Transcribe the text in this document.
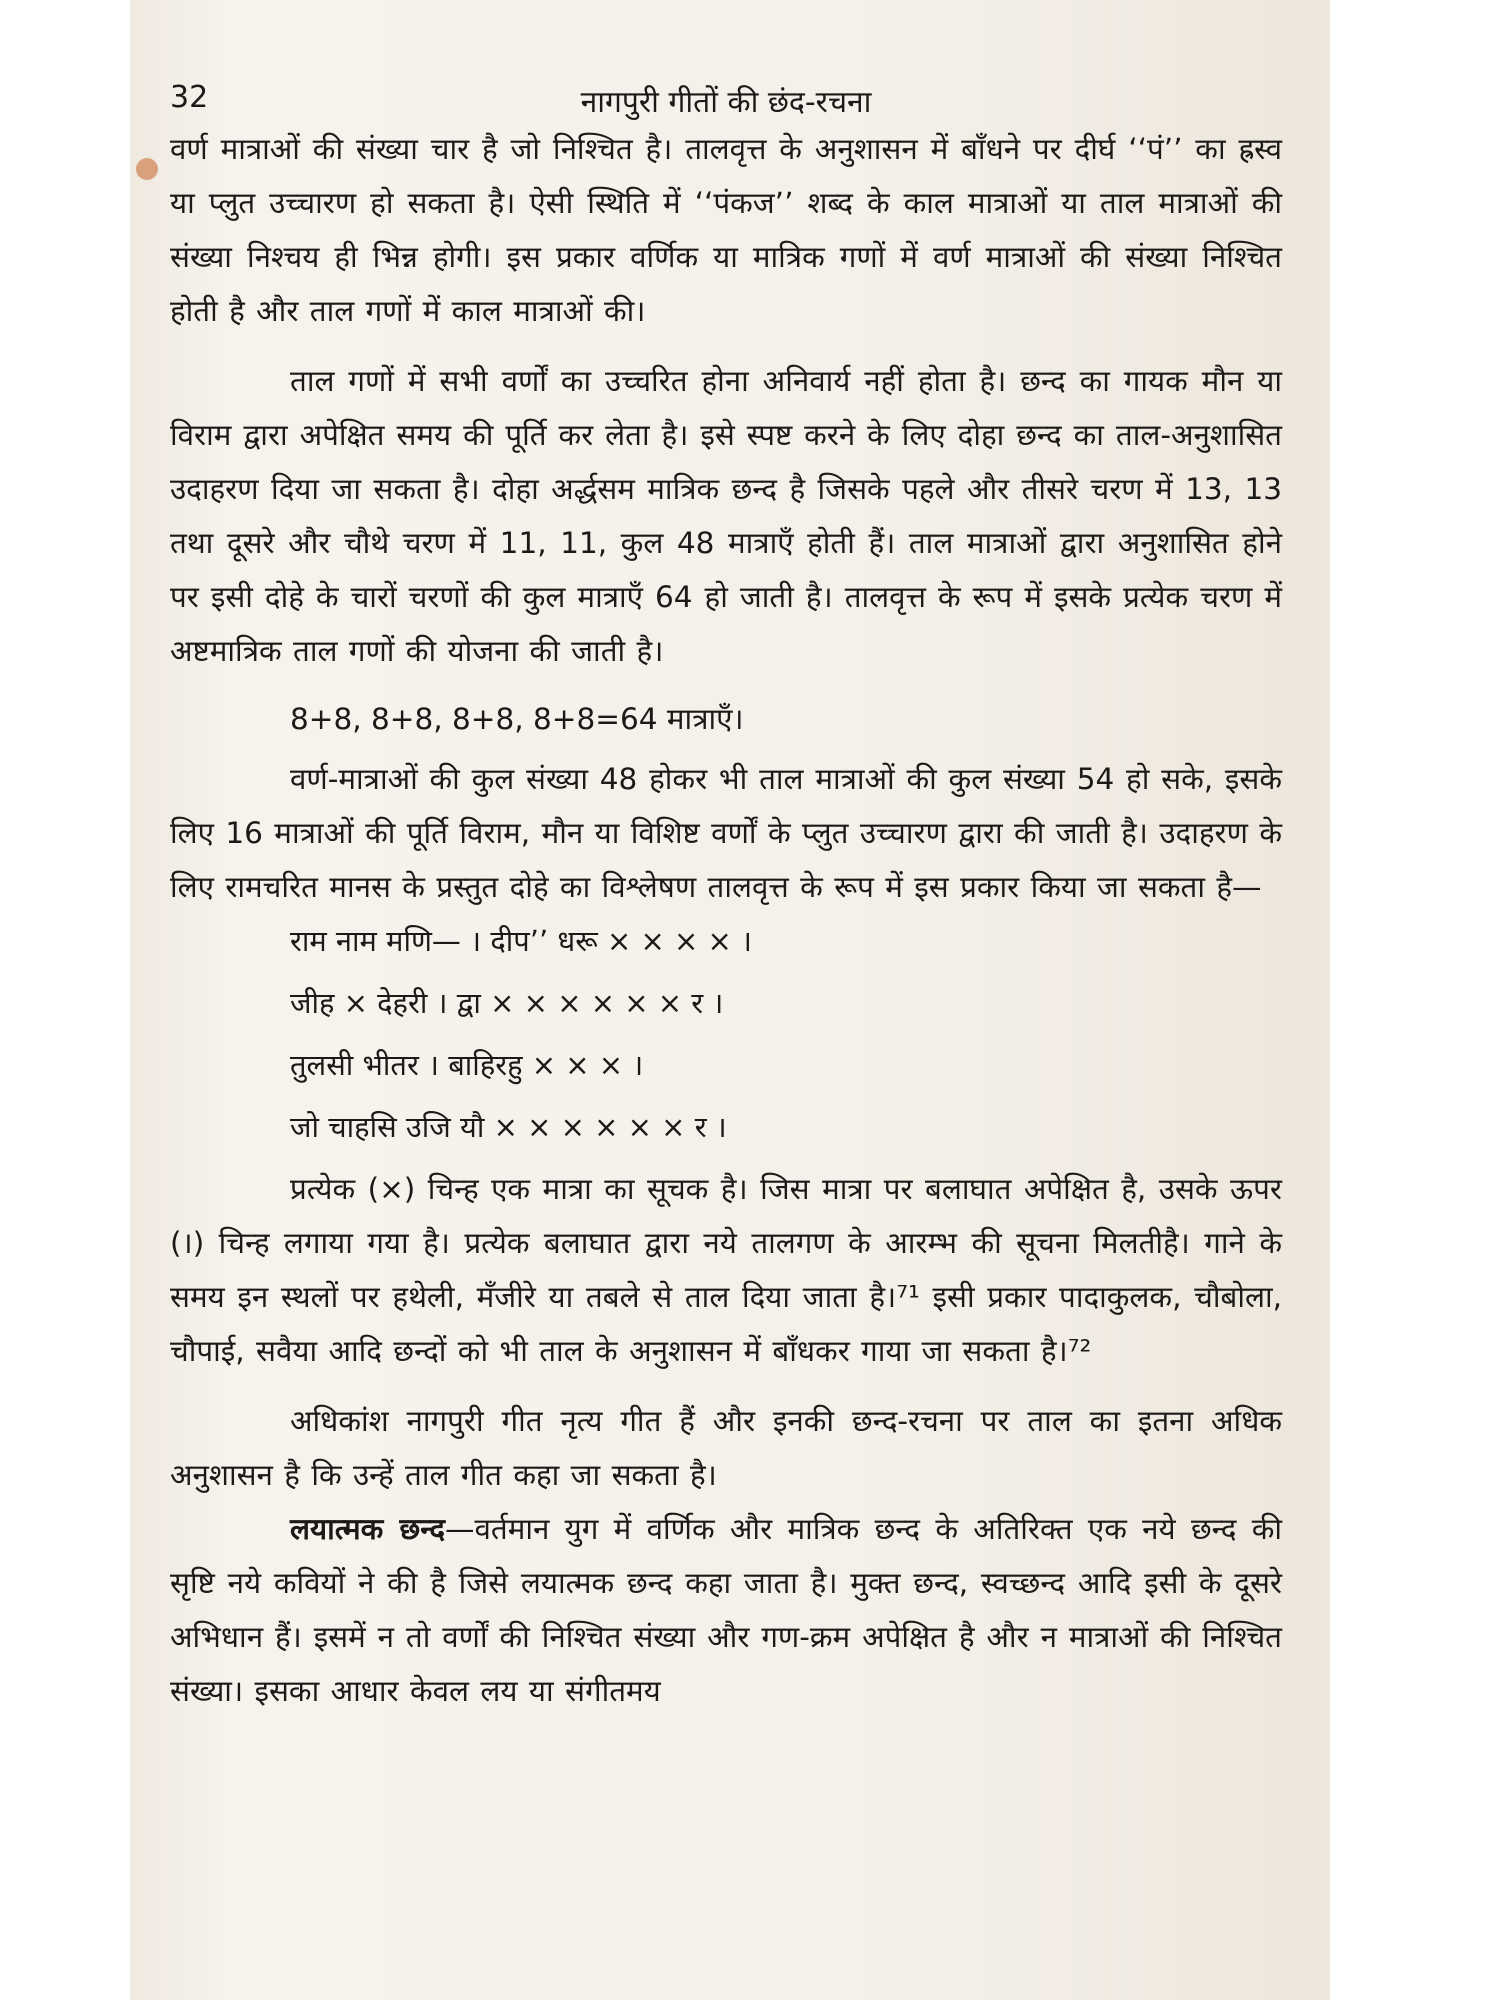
32	नागपुरी गीतों की छंद-रचना

वर्ण मात्राओं की संख्या चार है जो निश्चित है। तालवृत्त के अनुशासन में बाँधने पर दीर्घ ‘‘पं’’ का ह्रस्व या प्लुत उच्चारण हो सकता है। ऐसी स्थिति में ‘‘पंकज’’ शब्द के काल मात्राओं या ताल मात्राओं की संख्या निश्चय ही भिन्न होगी। इस प्रकार वर्णिक या मात्रिक गणों में वर्ण मात्राओं की संख्या निश्चित होती है और ताल गणों में काल मात्राओं की।

ताल गणों में सभी वर्णों का उच्चरित होना अनिवार्य नहीं होता है। छन्द का गायक मौन या विराम द्वारा अपेक्षित समय की पूर्ति कर लेता है। इसे स्पष्ट करने के लिए दोहा छन्द का ताल-अनुशासित उदाहरण दिया जा सकता है। दोहा अर्द्धसम मात्रिक छन्द है जिसके पहले और तीसरे चरण में 13, 13 तथा दूसरे और चौथे चरण में 11, 11, कुल 48 मात्राएँ होती हैं। ताल मात्राओं द्वारा अनुशासित होने पर इसी दोहे के चारों चरणों की कुल मात्राएँ 64 हो जाती है। तालवृत्त के रूप में इसके प्रत्येक चरण में अष्टमात्रिक ताल गणों की योजना की जाती है।

8+8, 8+8, 8+8, 8+8=64 मात्राएँ।

वर्ण-मात्राओं की कुल संख्या 48 होकर भी ताल मात्राओं की कुल संख्या 54 हो सके, इसके लिए 16 मात्राओं की पूर्ति विराम, मौन या विशिष्ट वर्णों के प्लुत उच्चारण द्वारा की जाती है। उदाहरण के लिए रामचरित मानस के प्रस्तुत दोहे का विश्लेषण तालवृत्त के रूप में इस प्रकार किया जा सकता है—

राम नाम मणि— । दीप’’ धरू × × × × ।
जीह × देहरी । द्वा × × × × × × र ।
तुलसी भीतर । बाहिरहु × × × ।
जो चाहसि उजि यौ × × × × × × र ।

प्रत्येक (×) चिन्ह एक मात्रा का सूचक है। जिस मात्रा पर बलाघात अपेक्षित है, उसके ऊपर (।) चिन्ह लगाया गया है। प्रत्येक बलाघात द्वारा नये तालगण के आरम्भ की सूचना मिलतीहै। गाने के समय इन स्थलों पर हथेली, मँजीरे या तबले से ताल दिया जाता है।⁷¹ इसी प्रकार पादाकुलक, चौबोला, चौपाई, सवैया आदि छन्दों को भी ताल के अनुशासन में बाँधकर गाया जा सकता है।⁷²

अधिकांश नागपुरी गीत नृत्य गीत हैं और इनकी छन्द-रचना पर ताल का इतना अधिक अनुशासन है कि उन्हें ताल गीत कहा जा सकता है।

लयात्मक छन्द—वर्तमान युग में वर्णिक और मात्रिक छन्द के अतिरिक्त एक नये छन्द की सृष्टि नये कवियों ने की है जिसे लयात्मक छन्द कहा जाता है। मुक्त छन्द, स्वच्छन्द आदि इसी के दूसरे अभिधान हैं। इसमें न तो वर्णों की निश्चित संख्या और गण-क्रम अपेक्षित है और न मात्राओं की निश्चित संख्या। इसका आधार केवल लय या संगीतमय
